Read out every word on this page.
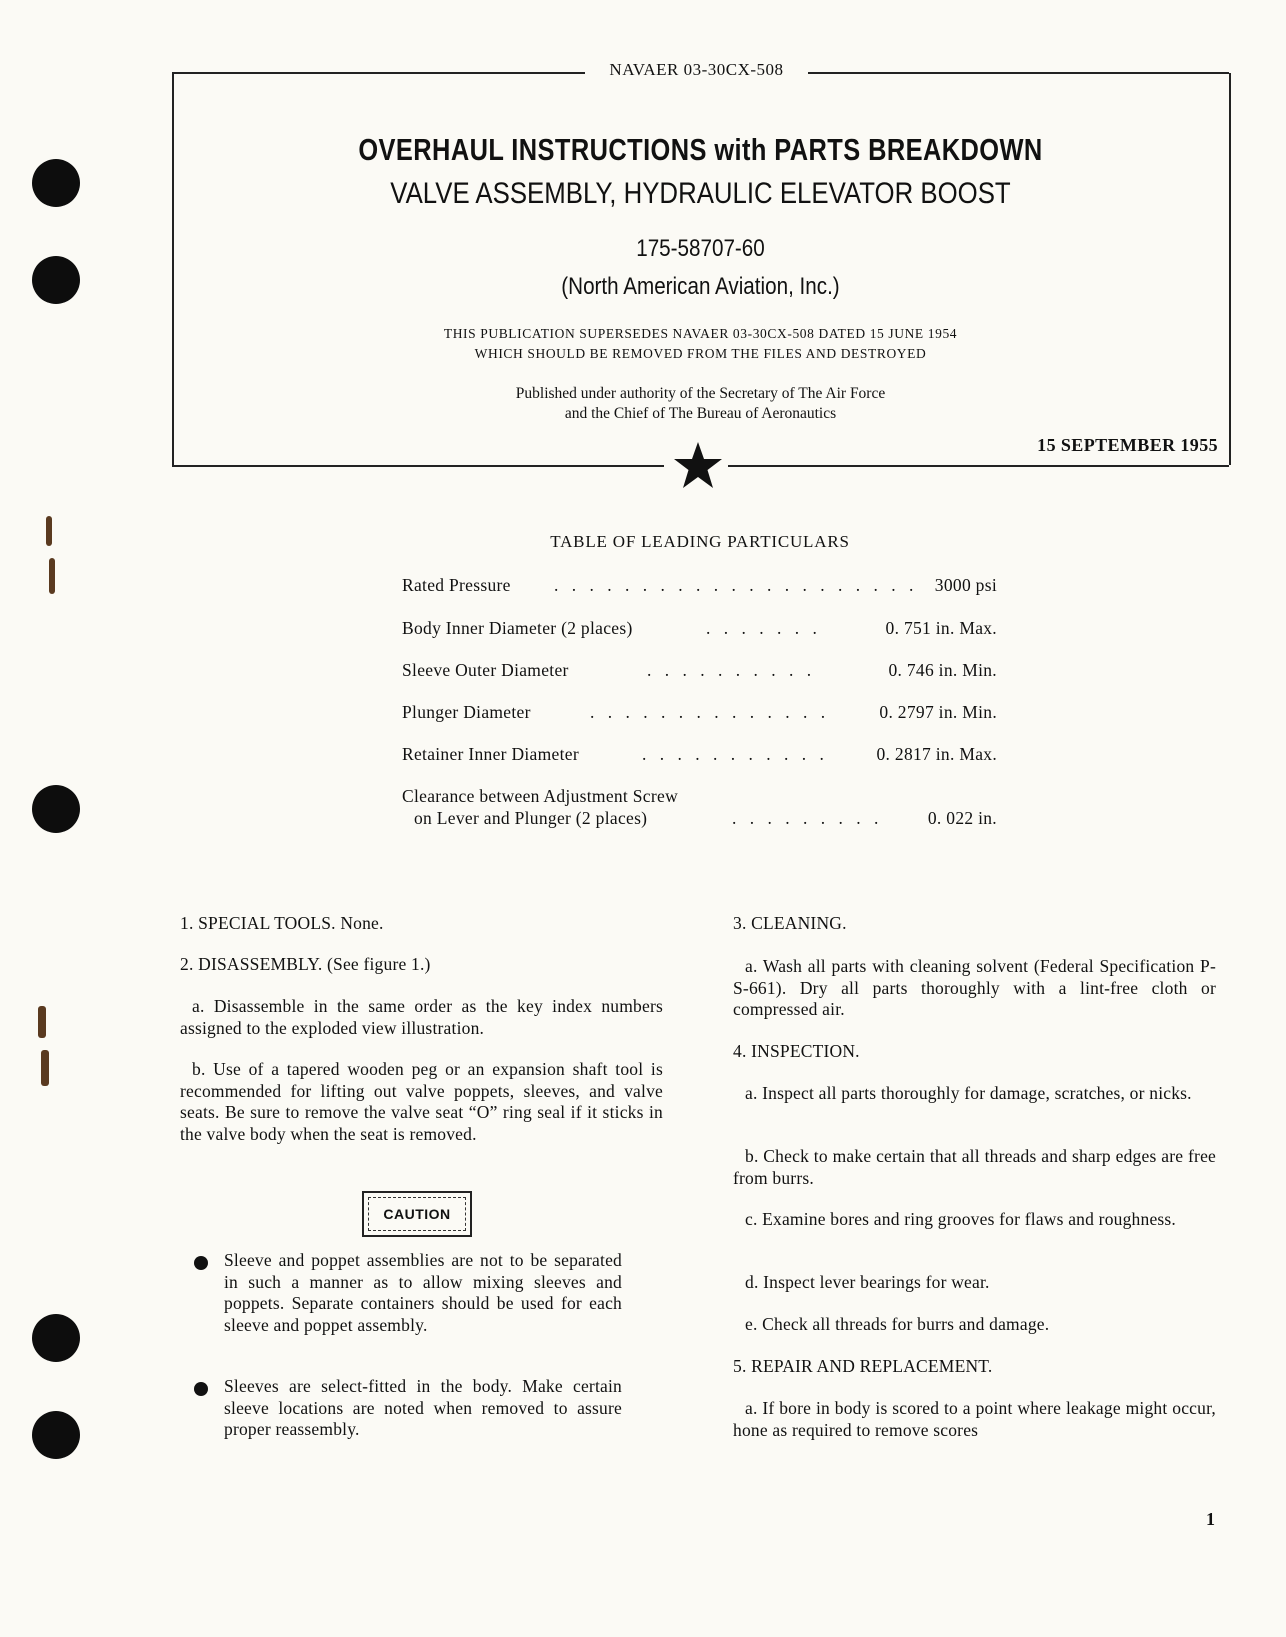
NAVAER 03-30CX-508
OVERHAUL INSTRUCTIONS with PARTS BREAKDOWN
VALVE ASSEMBLY, HYDRAULIC ELEVATOR BOOST
175-58707-60
(North American Aviation, Inc.)
THIS PUBLICATION SUPERSEDES NAVAER 03-30CX-508 DATED 15 JUNE 1954
WHICH SHOULD BE REMOVED FROM THE FILES AND DESTROYED
Published under authority of the Secretary of The Air Force
and the Chief of The Bureau of Aeronautics
15 SEPTEMBER 1955
TABLE OF LEADING PARTICULARS
Rated Pressure . . . . . . . . . . . . . . . . . . . . . 3000 psi
Body Inner Diameter (2 places)	. . . . . . .	0. 751 in. Max.
Sleeve Outer Diameter	. . . . . . . . . .	0. 746 in. Min.
Plunger Diameter	. . . . . . . . . . . . . .	0. 2797 in. Min.
Retainer Inner Diameter	. . . . . . . . . . .	0. 2817 in. Max.
Clearance between Adjustment Screw
on Lever and Plunger (2 places)	. . . . . . . . .	0. 022 in.

1. SPECIAL TOOLS. None.

2. DISASSEMBLY. (See figure 1.)

a. Disassemble in the same order as the key index numbers assigned to the exploded view illustration.

b. Use of a tapered wooden peg or an expansion shaft tool is recommended for lifting out valve poppets, sleeves, and valve seats. Be sure to remove the valve seat “O” ring seal if it sticks in the valve body when the seat is removed.

Sleeve and poppet assemblies are not to be separated in such a manner as to allow mixing sleeves and poppets. Separate containers should be used for each sleeve and poppet assembly.

Sleeves are select-fitted in the body. Make certain sleeve locations are noted when removed to assure proper reassembly.

CAUTION

3. CLEANING.

a. Wash all parts with cleaning solvent (Federal Specification P-S-661). Dry all parts thoroughly with a lint-free cloth or compressed air.

4. INSPECTION.

a. Inspect all parts thoroughly for damage, scratches, or nicks.

b. Check to make certain that all threads and sharp edges are free from burrs.

c. Examine bores and ring grooves for flaws and roughness.

d. Inspect lever bearings for wear.

e. Check all threads for burrs and damage.

5. REPAIR AND REPLACEMENT.

a. If bore in body is scored to a point where leakage might occur, hone as required to remove scores

1
